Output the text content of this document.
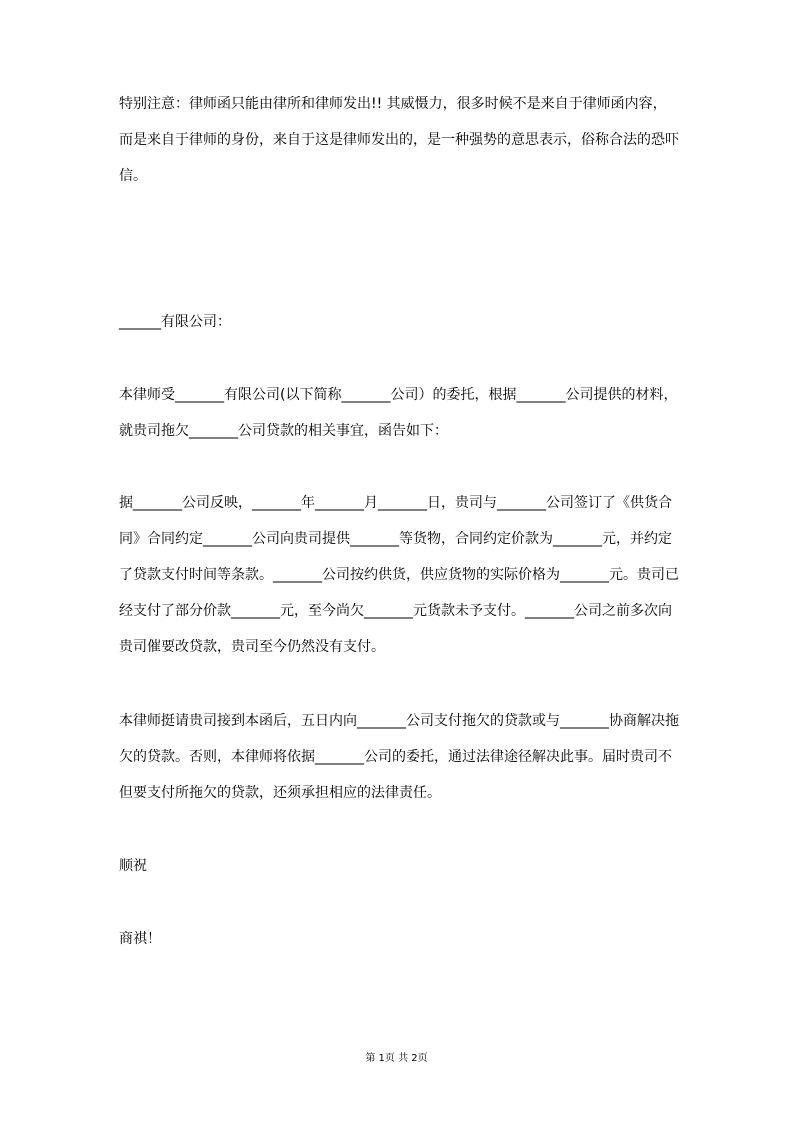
特别注意：律师函只能由律所和律师发出!! 其威慑力，很多时候不是来自于律师函内容，
而是来自于律师的身份，来自于这是律师发出的，是一种强势的意思表示，俗称合法的恐吓
信。
______有限公司：
本律师受_______有限公司(以下简称_______公司）的委托，根据_______公司提供的材料，
就贵司拖欠_______公司贷款的相关事宜，函告如下：
据_______公司反映，_______年_______月_______日，贵司与_______公司签订了《供货合
同》合同约定_______公司向贵司提供_______等货物，合同约定价款为_______元，并约定
了贷款支付时间等条款。_______公司按约供货，供应货物的实际价格为_______元。贵司已
经支付了部分价款_______元，至今尚欠_______元货款未予支付。_______公司之前多次向
贵司催要改贷款，贵司至今仍然没有支付。
本律师挺请贵司接到本函后，五日内向_______公司支付拖欠的贷款或与_______协商解决拖
欠的贷款。否则，本律师将依据_______公司的委托，通过法律途径解决此事。届时贵司不
但要支付所拖欠的贷款，还须承担相应的法律责任。
顺祝
商祺！
第 1页 共 2页
